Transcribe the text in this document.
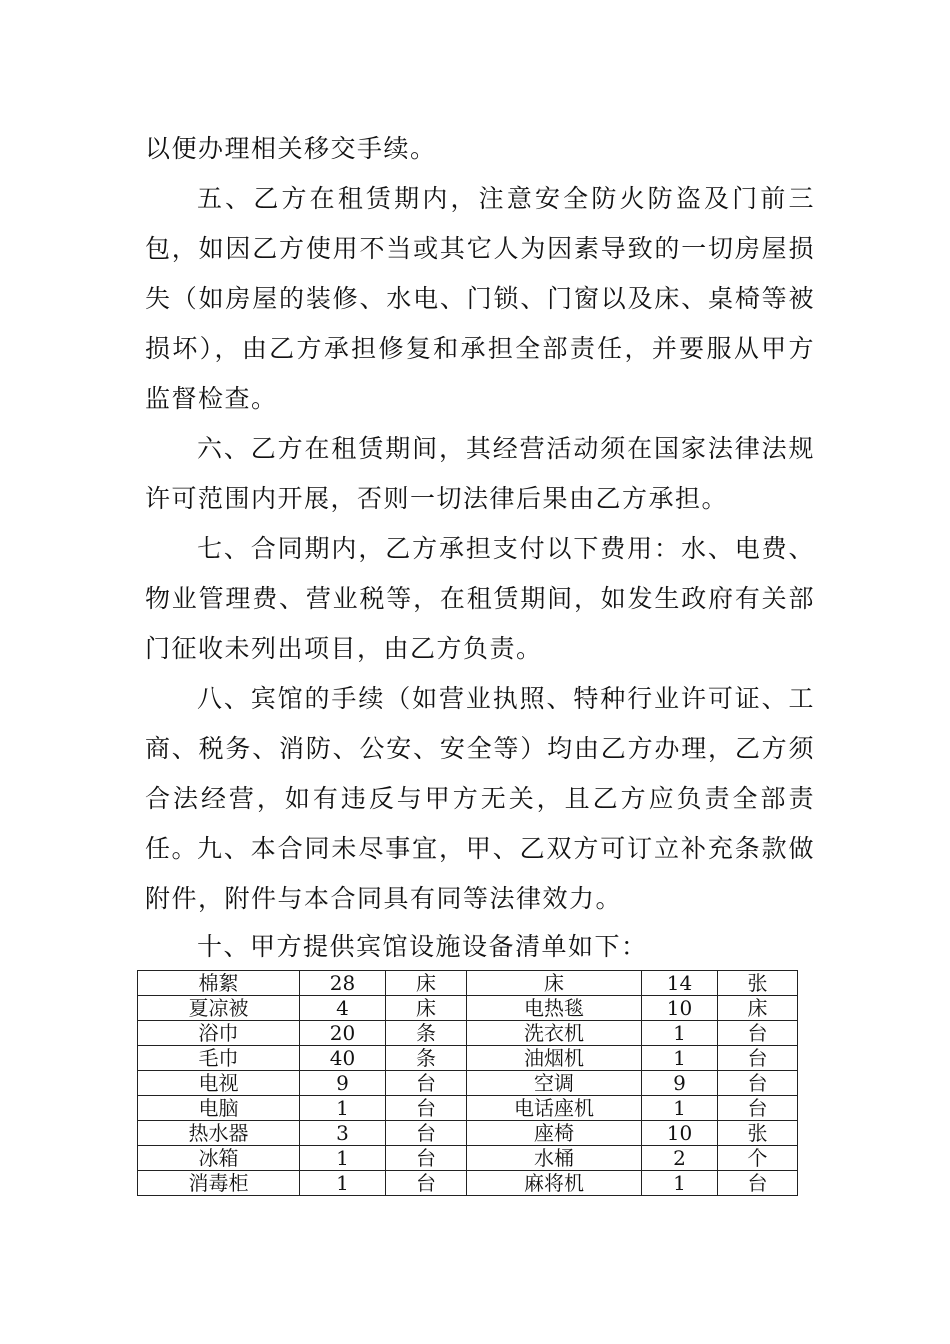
以便办理相关移交手续。

五、乙方在租赁期内，注意安全防火防盗及门前三包，如因乙方使用不当或其它人为因素导致的一切房屋损失（如房屋的装修、水电、门锁、门窗以及床、桌椅等被损坏），由乙方承担修复和承担全部责任，并要服从甲方监督检查。

六、乙方在租赁期间，其经营活动须在国家法律法规许可范围内开展，否则一切法律后果由乙方承担。

七、合同期内，乙方承担支付以下费用：水、电费、物业管理费、营业税等，在租赁期间，如发生政府有关部门征收未列出项目，由乙方负责。

八、宾馆的手续（如营业执照、特种行业许可证、工商、税务、消防、公安、安全等）均由乙方办理，乙方须合法经营，如有违反与甲方无关，且乙方应负责全部责任。

九、本合同未尽事宜，甲、乙双方可订立补充条款做附件，附件与本合同具有同等法律效力。

十、甲方提供宾馆设施设备清单如下：

棉絮	28	床	床	14	张
夏凉被	4	床	电热毯	10	床
浴巾	20	条	洗衣机	1	台
毛巾	40	条	油烟机	1	台
电视	9	台	空调	9	台
电脑	1	台	电话座机	1	台
热水器	3	台	座椅	10	张
冰箱	1	台	水桶	2	个
消毒柜	1	台	麻将机	1	台
